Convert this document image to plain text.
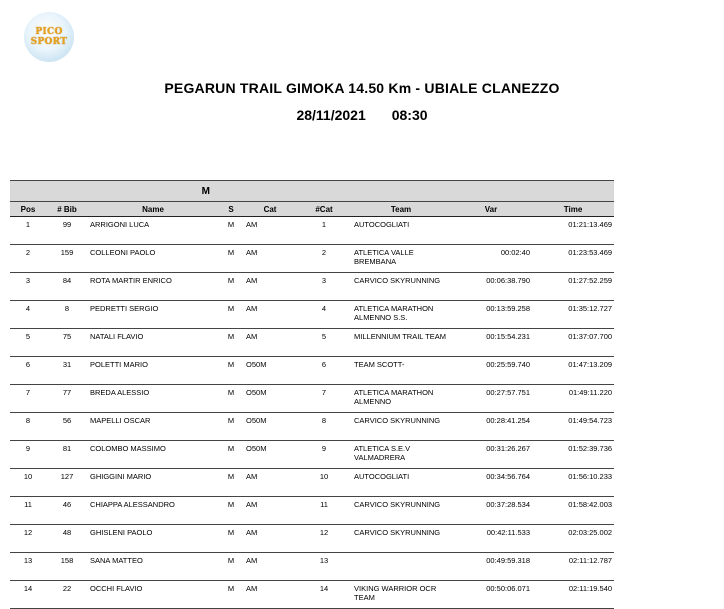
PICO
SPORT
PEGARUN TRAIL GIMOKA 14.50 Km - UBIALE CLANEZZO
28/11/2021 08:30
M								
Pos	# Bib	Name	S	Cat	#Cat	Team	Var	Time
1	99	ARRIGONI LUCA	M	AM	1	AUTOCOGLIATI		01:21:13.469
2	159	COLLEONI PAOLO	M	AM	2	ATLETICA VALLE BREMBANA	00:02:40	01:23:53.469
3	84	ROTA MARTIR ENRICO	M	AM	3	CARVICO SKYRUNNING	00:06:38.790	01:27:52.259
4	8	PEDRETTI SERGIO	M	AM	4	ATLETICA MARATHON ALMENNO S.S.	00:13:59.258	01:35:12.727
5	75	NATALI FLAVIO	M	AM	5	MILLENNIUM TRAIL TEAM	00:15:54.231	01:37:07.700
6	31	POLETTI MARIO	M	O50M	6	TEAM SCOTT-	00:25:59.740	01:47:13.209
7	77	BREDA ALESSIO	M	O50M	7	ATLETICA MARATHON ALMENNO	00:27:57.751	01:49:11.220
8	56	MAPELLI OSCAR	M	O50M	8	CARVICO SKYRUNNING	00:28:41.254	01:49:54.723
9	81	COLOMBO MASSIMO	M	O50M	9	ATLETICA S.E.V VALMADRERA	00:31:26.267	01:52:39.736
10	127	GHIGGINI MARIO	M	AM	10	AUTOCOGLIATI	00:34:56.764	01:56:10.233
11	46	CHIAPPA ALESSANDRO	M	AM	11	CARVICO SKYRUNNING	00:37:28.534	01:58:42.003
12	48	GHISLENI PAOLO	M	AM	12	CARVICO SKYRUNNING	00:42:11.533	02:03:25.002
13	158	SANA MATTEO	M	AM	13		00:49:59.318	02:11:12.787
14	22	OCCHI FLAVIO	M	AM	14	VIKING WARRIOR OCR TEAM	00:50:06.071	02:11:19.540
